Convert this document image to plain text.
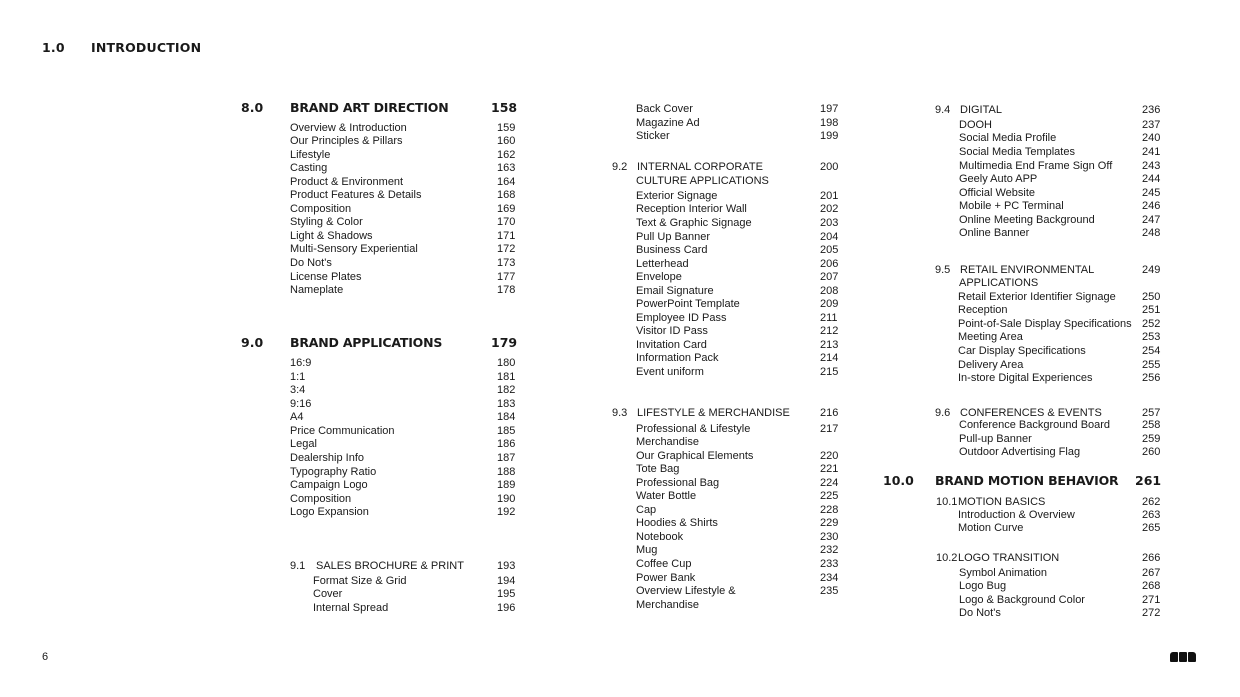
1.0 INTRODUCTION
8.0 BRAND ART DIRECTION	158
Overview & Introduction	159
Our Principles & Pillars	160
Lifestyle	162
Casting	163
Product & Environment	164
Product Features & Details	168
Composition	169
Styling & Color	170
Light & Shadows	171
Multi-Sensory Experiential	172
Do Not's	173
License Plates	177
Nameplate	178
9.0 BRAND APPLICATIONS	179
16:9	180
1:1	181
3:4	182
9:16	183
A4	184
Price Communication	185
Legal	186
Dealership Info	187
Typography Ratio	188
Campaign Logo	189
Composition	190
Logo Expansion	192
9.1 SALES BROCHURE & PRINT	193
Format Size & Grid	194
Cover	195
Internal Spread	196
Back Cover	197
Magazine Ad	198
Sticker	199
9.2 INTERNAL CORPORATE	200
CULTURE APPLICATIONS
Exterior Signage	201
Reception Interior Wall	202
Text & Graphic Signage	203
Pull Up Banner	204
Business Card	205
Letterhead	206
Envelope	207
Email Signature	208
PowerPoint Template	209
Employee ID Pass	211
Visitor ID Pass	212
Invitation Card	213
Information Pack	214
Event uniform	215
9.3 LIFESTYLE & MERCHANDISE	216
Professional & Lifestyle	217
Merchandise
Our Graphical Elements	220
Tote Bag	221
Professional Bag	224
Water Bottle	225
Cap	228
Hoodies & Shirts	229
Notebook	230
Mug	232
Coffee Cup	233
Power Bank	234
Overview Lifestyle &	235
Merchandise
9.4 DIGITAL	236
DOOH	237
Social Media Profile	240
Social Media Templates	241
Multimedia End Frame Sign Off	243
Geely Auto APP	244
Official Website	245
Mobile + PC Terminal	246
Online Meeting Background	247
Online Banner	248
9.5 RETAIL ENVIRONMENTAL	249
APPLICATIONS
Retail Exterior Identifier Signage 250
Reception	251
Point-of-Sale Display Specifications 252
Meeting Area	253
Car Display Specifications	254
Delivery Area	255
In-store Digital Experiences	256
9.6 CONFERENCES & EVENTS	257
Conference Background Board	258
Pull-up Banner	259
Outdoor Advertising Flag	260
10.0 BRAND MOTION BEHAVIOR 261
10.1 MOTION BASICS	262
Introduction & Overview	263
Motion Curve	265
10.2 LOGO TRANSITION	266
Symbol Animation	267
Logo Bug	268
Logo & Background Color	271
Do Not's	272
6
